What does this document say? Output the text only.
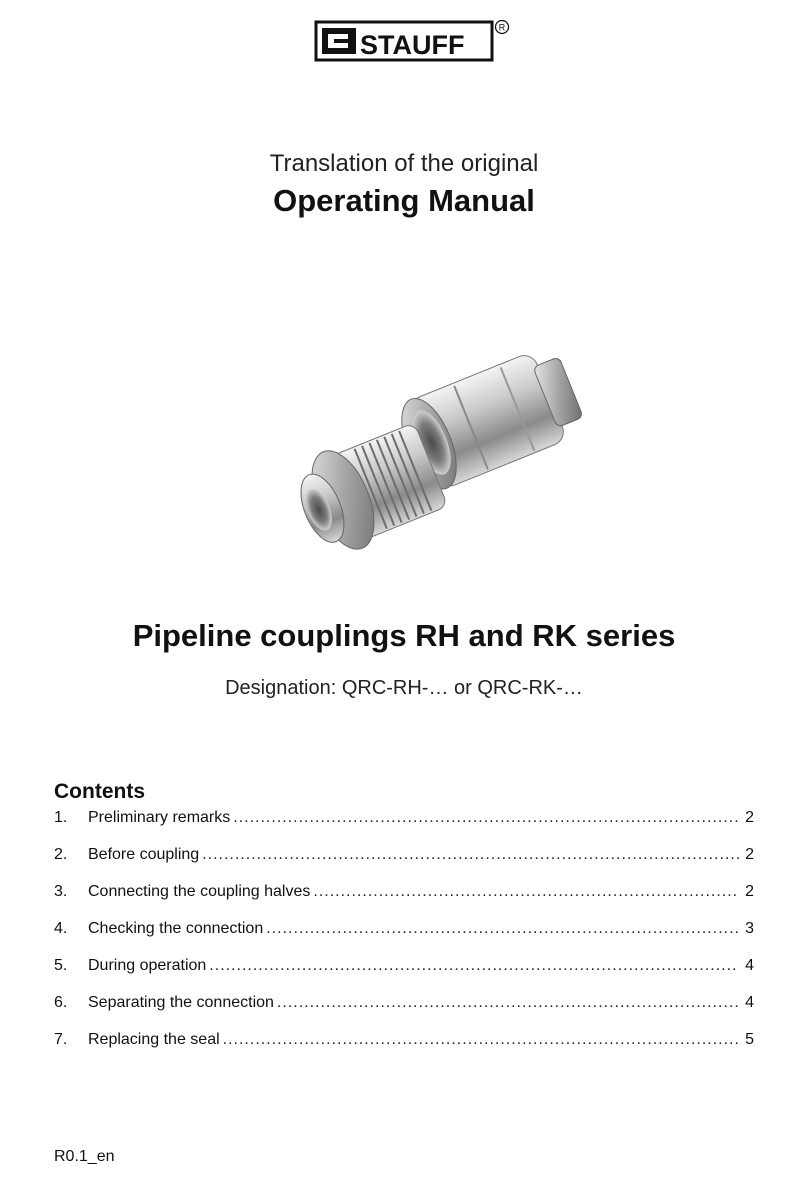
STAUFF
R
Translation of the original
Operating Manual
Pipeline couplings RH and RK series
Designation: QRC-RH-… or QRC-RK-…
Contents
1.	Preliminary remarks .....	2
2.	Before coupling .....	2
3.	Connecting the coupling halves .....	2
4.	Checking the connection .....	3
5.	During operation .....	4
6.	Separating the connection .....	4
7.	Replacing the seal .....	5
R0.1_en
